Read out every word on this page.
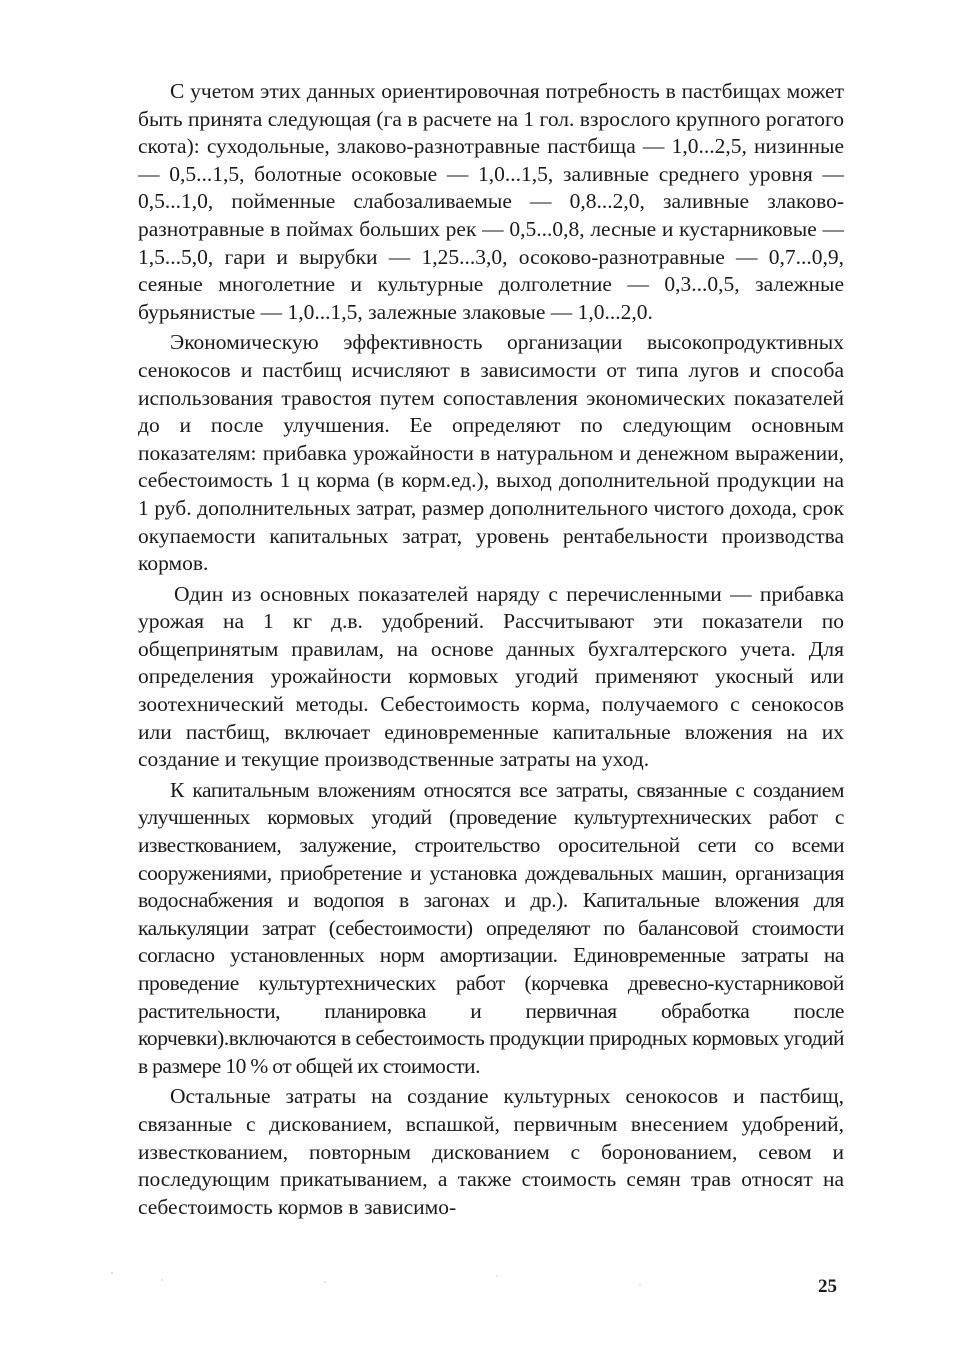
С учетом этих данных ориентировочная потребность в пастбищах может быть принята следующая (га в расчете на 1 гол. взрослого крупного рогатого скота): суходольные, злаково-разнотравные пастбища — 1,0...2,5, низинные — 0,5...1,5, болотные осоковые — 1,0...1,5, заливные среднего уровня — 0,5...1,0, пойменные слабозаливаемые — 0,8...2,0, заливные злаково-разнотравные в поймах больших рек — 0,5...0,8, лесные и кустарниковые — 1,5...5,0, гари и вырубки — 1,25...3,0, осоково-разнотравные — 0,7...0,9, сеяные многолетние и культурные долголетние — 0,3...0,5, залежные бурьянистые — 1,0...1,5, залежные злаковые — 1,0...2,0.

Экономическую эффективность организации высокопродуктивных сенокосов и пастбищ исчисляют в зависимости от типа лугов и способа использования травостоя путем сопоставления экономических показателей до и после улучшения. Ее определяют по следующим основным показателям: прибавка урожайности в натуральном и денежном выражении, себестоимость 1 ц корма (в корм.ед.), выход дополнительной продукции на 1 руб. дополнительных затрат, размер дополнительного чистого дохода, срок окупаемости капитальных затрат, уровень рентабельности производства кормов.

Один из основных показателей наряду с перечисленными — прибавка урожая на 1 кг д.в. удобрений. Рассчитывают эти показатели по общепринятым правилам, на основе данных бухгалтерского учета. Для определения урожайности кормовых угодий применяют укосный или зоотехнический методы. Себестоимость корма, получаемого с сенокосов или пастбищ, включает единовременные капитальные вложения на их создание и текущие производственные затраты на уход.

К капитальным вложениям относятся все затраты, связанные с созданием улучшенных кормовых угодий (проведение культуртехнических работ с известкованием, залужение, строительство оросительной сети со всеми сооружениями, приобретение и установка дождевальных машин, организация водоснабжения и водопоя в загонах и др.). Капитальные вложения для калькуляции затрат (себестоимости) определяют по балансовой стоимости согласно установленных норм амортизации. Единовременные затраты на проведение культуртехнических работ (корчевка древесно-кустарниковой растительности, планировка и первичная обработка после корчевки).включаются в себестоимость продукции природных кормовых угодий в размере 10 % от общей их стоимости.

Остальные затраты на создание культурных сенокосов и пастбищ, связанные с дискованием, вспашкой, первичным внесением удобрений, известкованием, повторным дискованием с боронованием, севом и последующим прикатыванием, а также стоимость семян трав относят на себестоимость кормов в зависимо-

25
